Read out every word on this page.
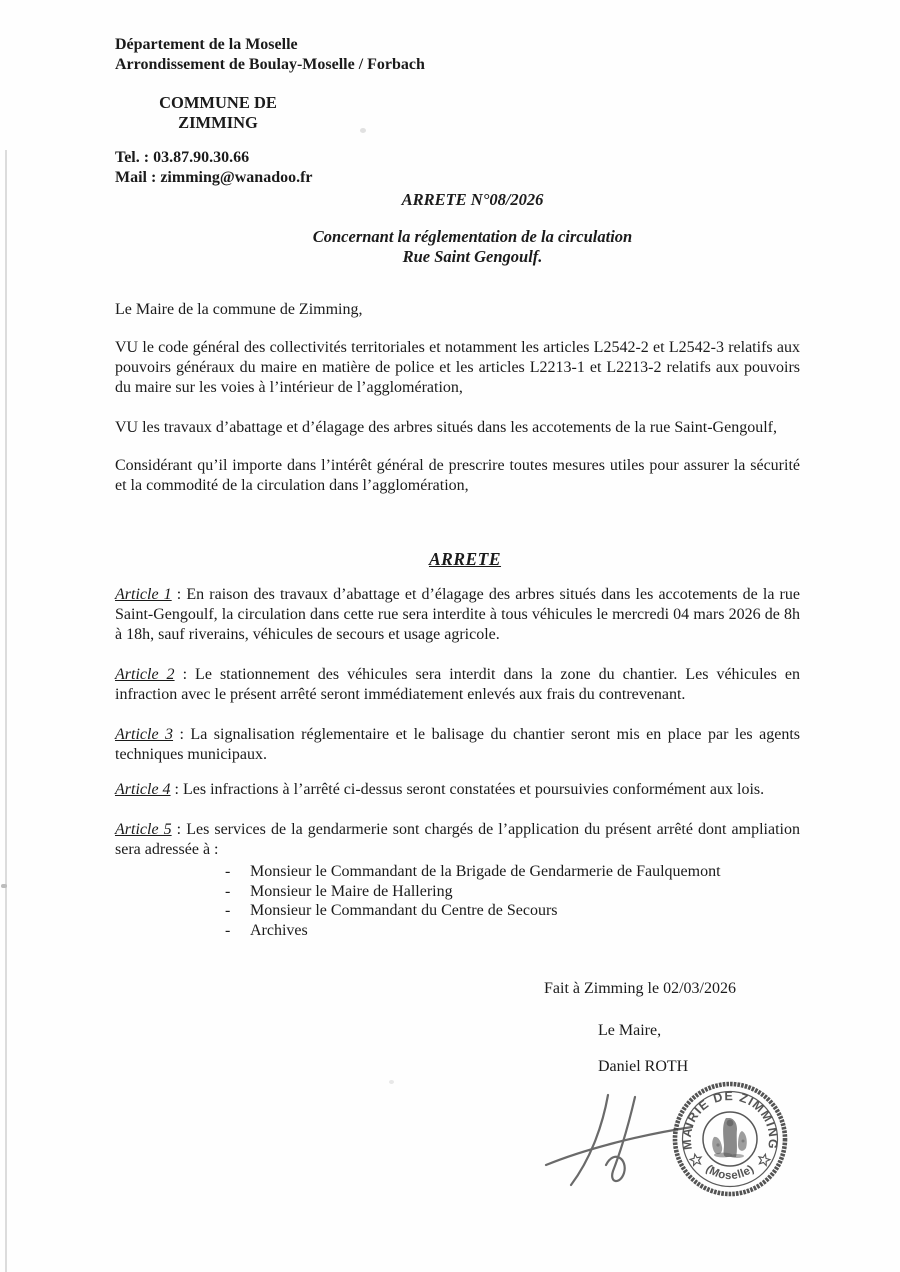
Département de la Moselle
Arrondissement de Boulay-Moselle / Forbach
COMMUNE DE
ZIMMING
Tel. : 03.87.90.30.66
Mail : zimming@wanadoo.fr
ARRETE N°08/2026
Concernant la réglementation de la circulation
Rue Saint Gengoulf.
Le Maire de la commune de Zimming,
VU le code général des collectivités territoriales et notamment les articles L2542-2 et L2542-3 relatifs aux pouvoirs généraux du maire en matière de police et les articles L2213-1 et L2213-2 relatifs aux pouvoirs du maire sur les voies à l’intérieur de l’agglomération,
VU les travaux d’abattage et d’élagage des arbres situés dans les accotements de la rue Saint-Gengoulf,
Considérant qu’il importe dans l’intérêt général de prescrire toutes mesures utiles pour assurer la sécurité et la commodité de la circulation dans l’agglomération,
ARRETE
Article 1 : En raison des travaux d’abattage et d’élagage des arbres situés dans les accotements de la rue Saint-Gengoulf, la circulation dans cette rue sera interdite à tous véhicules le mercredi 04 mars 2026 de 8h à 18h, sauf riverains, véhicules de secours et usage agricole.
Article 2 : Le stationnement des véhicules sera interdit dans la zone du chantier. Les véhicules en infraction avec le présent arrêté seront immédiatement enlevés aux frais du contrevenant.
Article 3 : La signalisation réglementaire et le balisage du chantier seront mis en place par les agents techniques municipaux.
Article 4 : Les infractions à l’arrêté ci-dessus seront constatées et poursuivies conformément aux lois.
Article 5 : Les services de la gendarmerie sont chargés de l’application du présent arrêté dont ampliation sera adressée à :
-	Monsieur le Commandant de la Brigade de Gendarmerie de Faulquemont
-	Monsieur le Maire de Hallering
-	Monsieur le Commandant du Centre de Secours
-	Archives
Fait à Zimming le 02/03/2026
Le Maire,
Daniel ROTH
MAIRIE DE ZIMMING
(Moselle)
